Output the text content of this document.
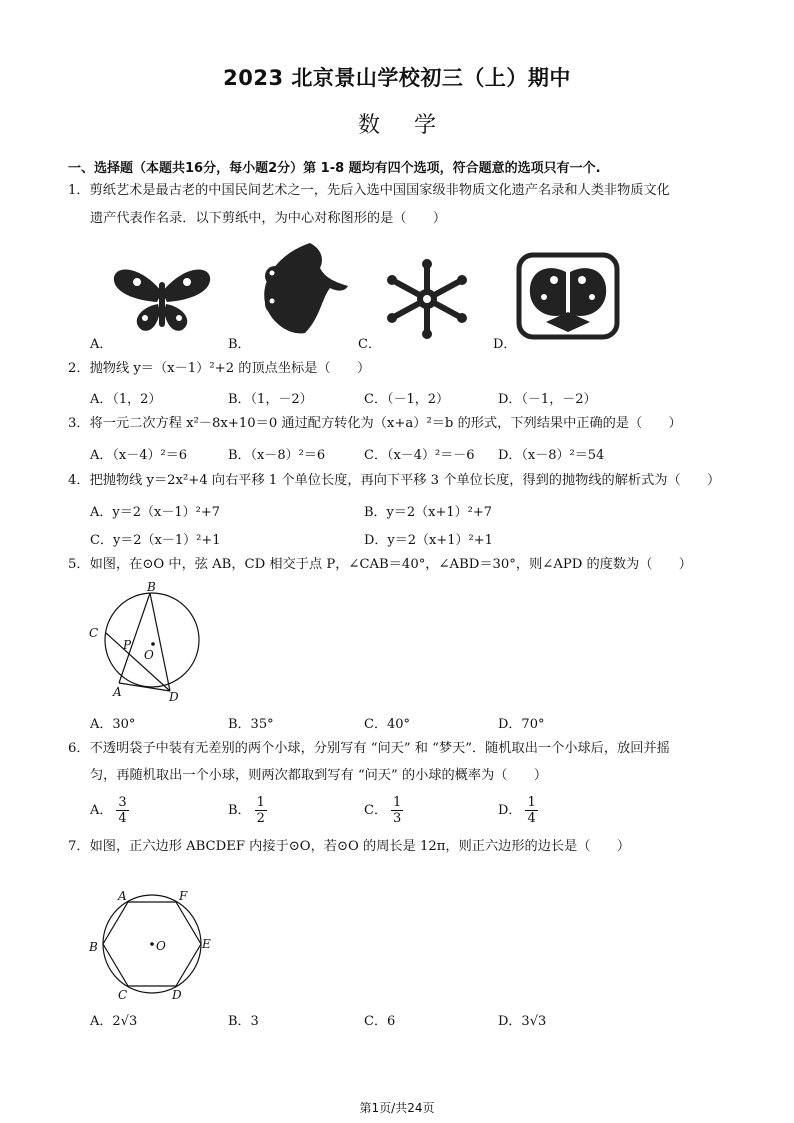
2023 北京景山学校初三（上）期中
数学
一、选择题（本题共16分，每小题2分）第 1-8 题均有四个选项，符合题意的选项只有一个.
1．剪纸艺术是最古老的中国民间艺术之一，先后入选中国国家级非物质文化遗产名录和人类非物质文化
遗产代表作名录．以下剪纸中，为中心对称图形的是（　　）
A．	B．	C．	D．
2．抛物线 y＝（x－1）²+2 的顶点坐标是（　　）
A．（1，2）	B．（1，－2）	C．（－1，2）	D．（－1，－2）
3．将一元二次方程 x²－8x+10＝0 通过配方转化为（x+a）²＝b 的形式，下列结果中正确的是（　　）
A．（x－4）²＝6	B．（x－8）²＝6	C．（x－4）²＝－6 D．（x－8）²＝54
4．把抛物线 y＝2x²+4 向右平移 1 个单位长度，再向下平移 3 个单位长度，得到的抛物线的解析式为（　　）
A．y＝2（x－1）²+7	B．y＝2（x+1）²+7
C．y＝2（x－1）²+1	D．y＝2（x+1）²+1
5．如图，在⊙O 中，弦 AB，CD 相交于点 P，∠CAB＝40°，∠ABD＝30°，则∠APD 的度数为（　　）
B
C
P
O
A	D
A．30°	B．35°	C．40°	D．70°
6．不透明袋子中装有无差别的两个小球，分别写有 “问天” 和 “梦天”．随机取出一个小球后，放回并摇
匀，再随机取出一个小球，则两次都取到写有 “问天” 的小球的概率为（　　）
A． $\frac{3}{4}$	B． $\frac{1}{2}$	C． $\frac{1}{3}$	D． $\frac{1}{4}$
7．如图，正六边形 ABCDEF 内接于⊙O，若⊙O 的周长是 12π，则正六边形的边长是（　　）
A	F
B	O	E
C	D
A．2√3	B．3	C．6	D．3√3
第1页/共24页
